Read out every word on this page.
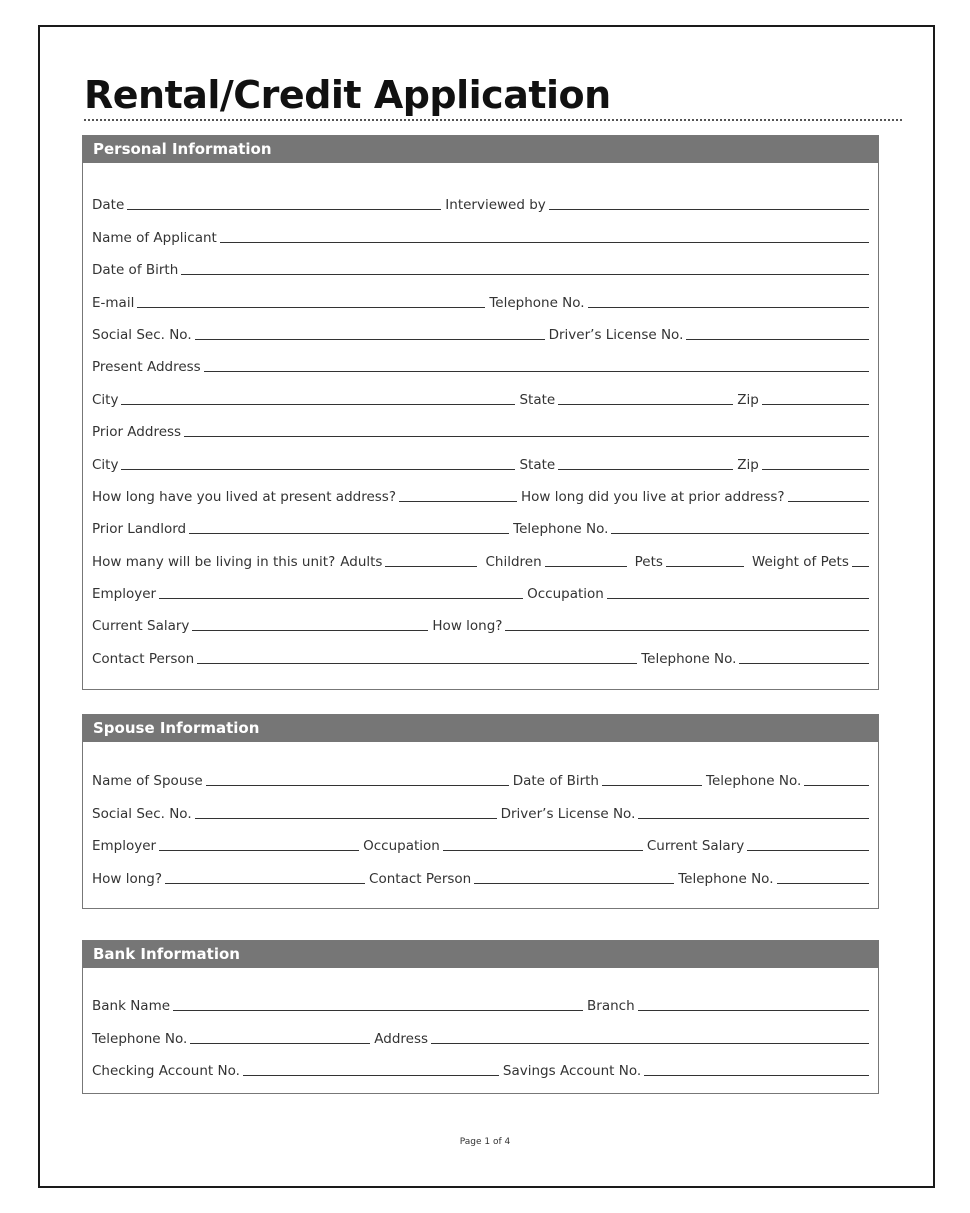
Rental/Credit Application
Personal Information
Date	Interviewed by
Name of Applicant
Date of Birth
E-mail	Telephone No.
Social Sec. No.	Driver’s License No.
Present Address
City	State	Zip
Prior Address
City	State	Zip
How long have you lived at present address?	How long did you live at prior address?
Prior Landlord	Telephone No.
How many will be living in this unit? Adults	Children	Pets	Weight of Pets
Employer	Occupation
Current Salary	How long?
Contact Person	Telephone No.
Spouse Information
Name of Spouse	Date of Birth	Telephone No.
Social Sec. No.	Driver’s License No.
Employer	Occupation	Current Salary
How long?	Contact Person	Telephone No.
Bank Information
Bank Name	Branch
Telephone No.	Address
Checking Account No.	Savings Account No.
Page 1 of 4
